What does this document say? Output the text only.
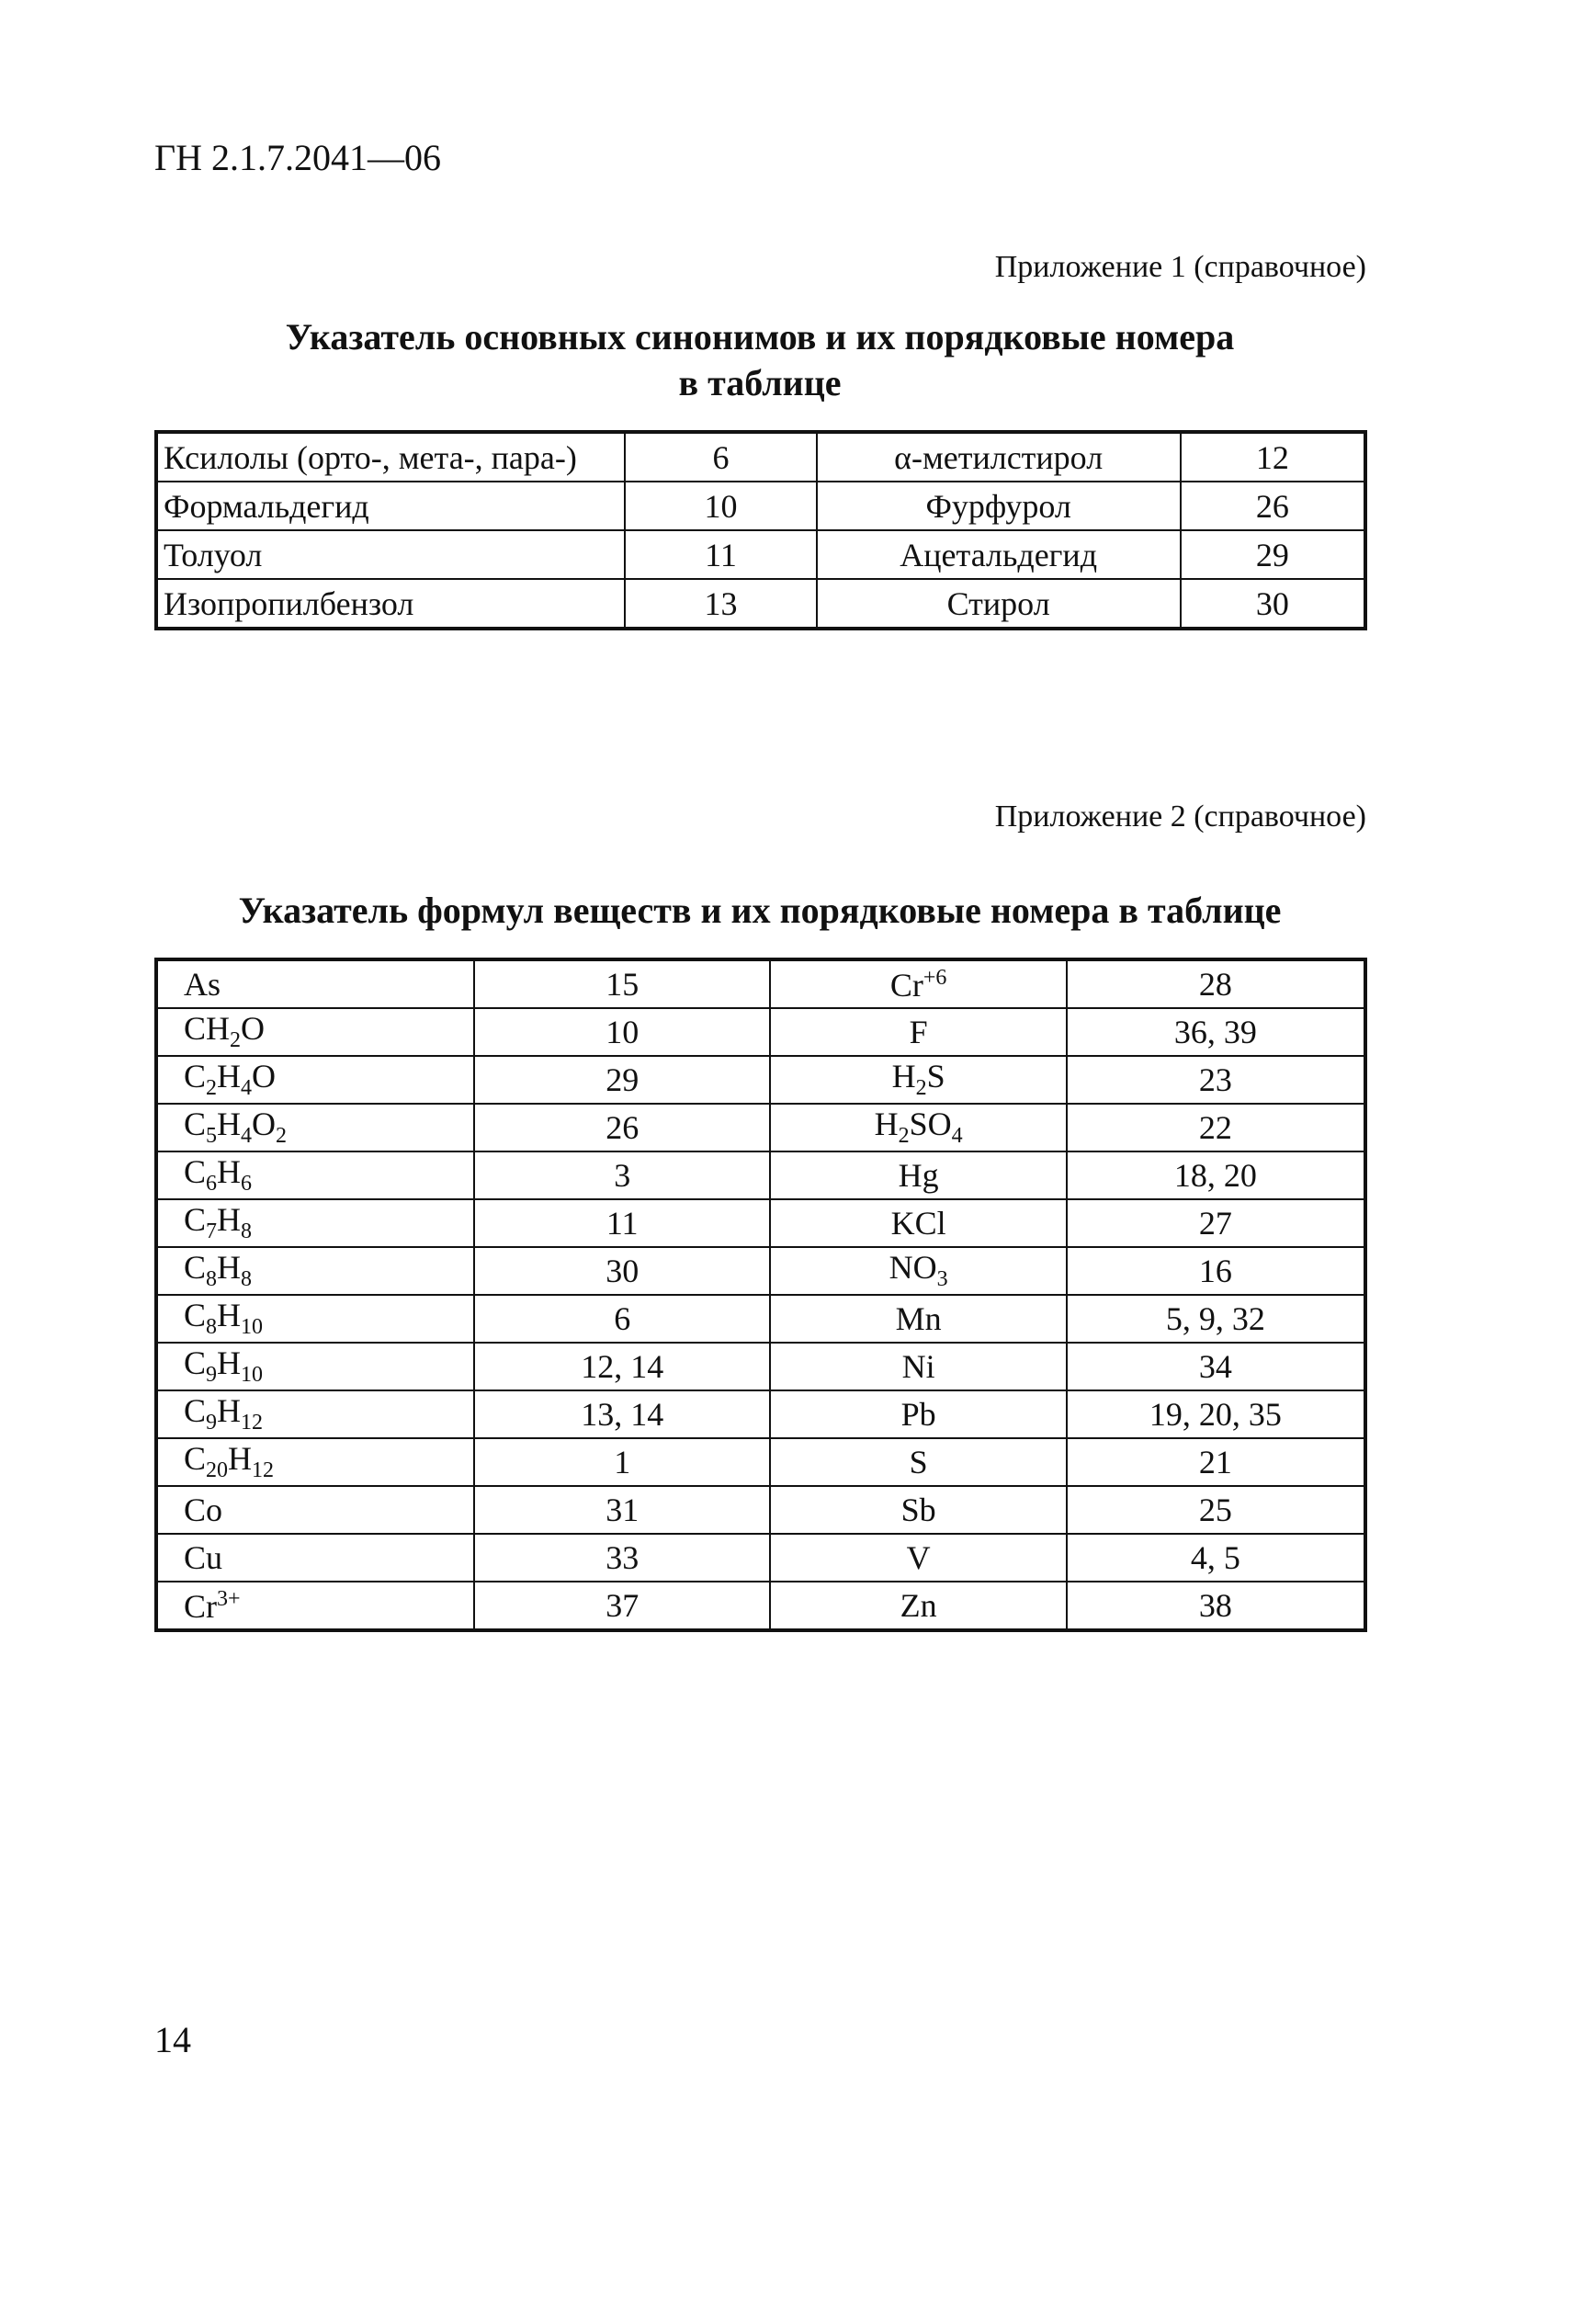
ГН 2.1.7.2041—06
Приложение 1 (справочное)
Указатель основных синонимов и их порядковые номера
в таблице
Ксилолы (орто-, мета-, пара-)	6	α-метилстирол	12
Формальдегид	10	Фурфурол	26
Толуол	11	Ацетальдегид	29
Изопропилбензол	13	Стирол	30
Приложение 2 (справочное)
Указатель формул веществ и их порядковые номера в таблице
As	15	$Cr^{+6}$	28
$CH_2O$	10	F	36, 39
$C_2H_4O$	29	$H_2S$	23
$C_5H_4O_2$	26	$H_2SO_4$	22
$C_6H_6$	3	Hg	18, 20
$C_7H_8$	11	KCl	27
$C_8H_8$	30	$NO_3$	16
$C_8H_{10}$	6	Mn	5, 9, 32
$C_9H_{10}$	12, 14	Ni	34
$C_9H_{12}$	13, 14	Pb	19, 20, 35
$C_{20}H_{12}$	1	S	21
Co	31	Sb	25
Cu	33	V	4, 5
$Cr^{3+}$	37	Zn	38
14
